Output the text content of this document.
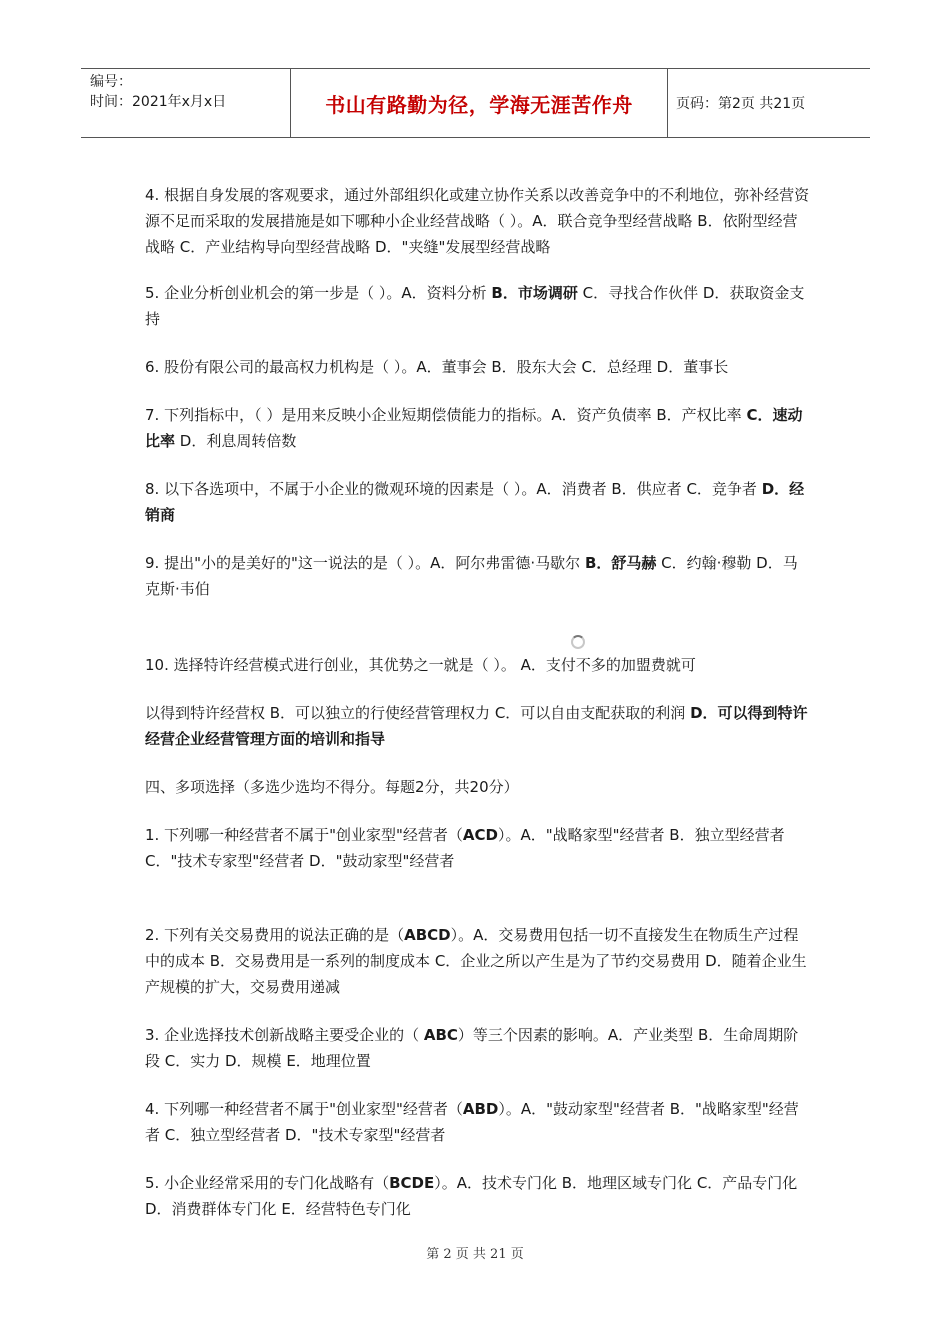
编号：
时间：2021年x月x日	书山有路勤为径，学海无涯苦作舟	页码：第2页 共21页

4. 根据自身发展的客观要求，通过外部组织化或建立协作关系以改善竞争中的不利地位，弥补经营资源不足而采取的发展措施是如下哪种小企业经营战略（ ）。A．联合竞争型经营战略 B．依附型经营战略 C．产业结构导向型经营战略 D．"夹缝"发展型经营战略

5. 企业分析创业机会的第一步是（ ）。A．资料分析 B．市场调研 C．寻找合作伙伴 D．获取资金支持

6. 股份有限公司的最高权力机构是（ ）。A．董事会 B．股东大会 C．总经理 D．董事长

7. 下列指标中，（ ）是用来反映小企业短期偿债能力的指标。A．资产负债率 B．产权比率 C．速动比率 D．利息周转倍数

8. 以下各选项中，不属于小企业的微观环境的因素是（ ）。A．消费者 B．供应者 C．竞争者 D．经销商

9. 提出"小的是美好的"这一说法的是（ ）。A．阿尔弗雷德·马歇尔 B．舒马赫 C．约翰·穆勒 D．马克斯·韦伯

10. 选择特许经营模式进行创业，其优势之一就是（ ）。 A．支付不多的加盟费就可

以得到特许经营权 B．可以独立的行使经营管理权力 C．可以自由支配获取的利润 D．可以得到特许经营企业经营管理方面的培训和指导

四、多项选择（多选少选均不得分。每题2分，共20分）

1. 下列哪一种经营者不属于"创业家型"经营者（ACD）。A．"战略家型"经营者 B．独立型经营者 C．"技术专家型"经营者 D．"鼓动家型"经营者

2. 下列有关交易费用的说法正确的是（ABCD）。A．交易费用包括一切不直接发生在物质生产过程中的成本 B．交易费用是一系列的制度成本 C．企业之所以产生是为了节约交易费用 D．随着企业生产规模的扩大，交易费用递减

3. 企业选择技术创新战略主要受企业的（ ABC）等三个因素的影响。A．产业类型 B．生命周期阶段 C．实力 D．规模 E．地理位置

4. 下列哪一种经营者不属于"创业家型"经营者（ABD）。A．"鼓动家型"经营者 B．"战略家型"经营者 C．独立型经营者 D．"技术专家型"经营者

5. 小企业经常采用的专门化战略有（BCDE）。A．技术专门化 B．地理区域专门化 C．产品专门化 D．消费群体专门化 E．经营特色专门化

第 2 页 共 21 页
